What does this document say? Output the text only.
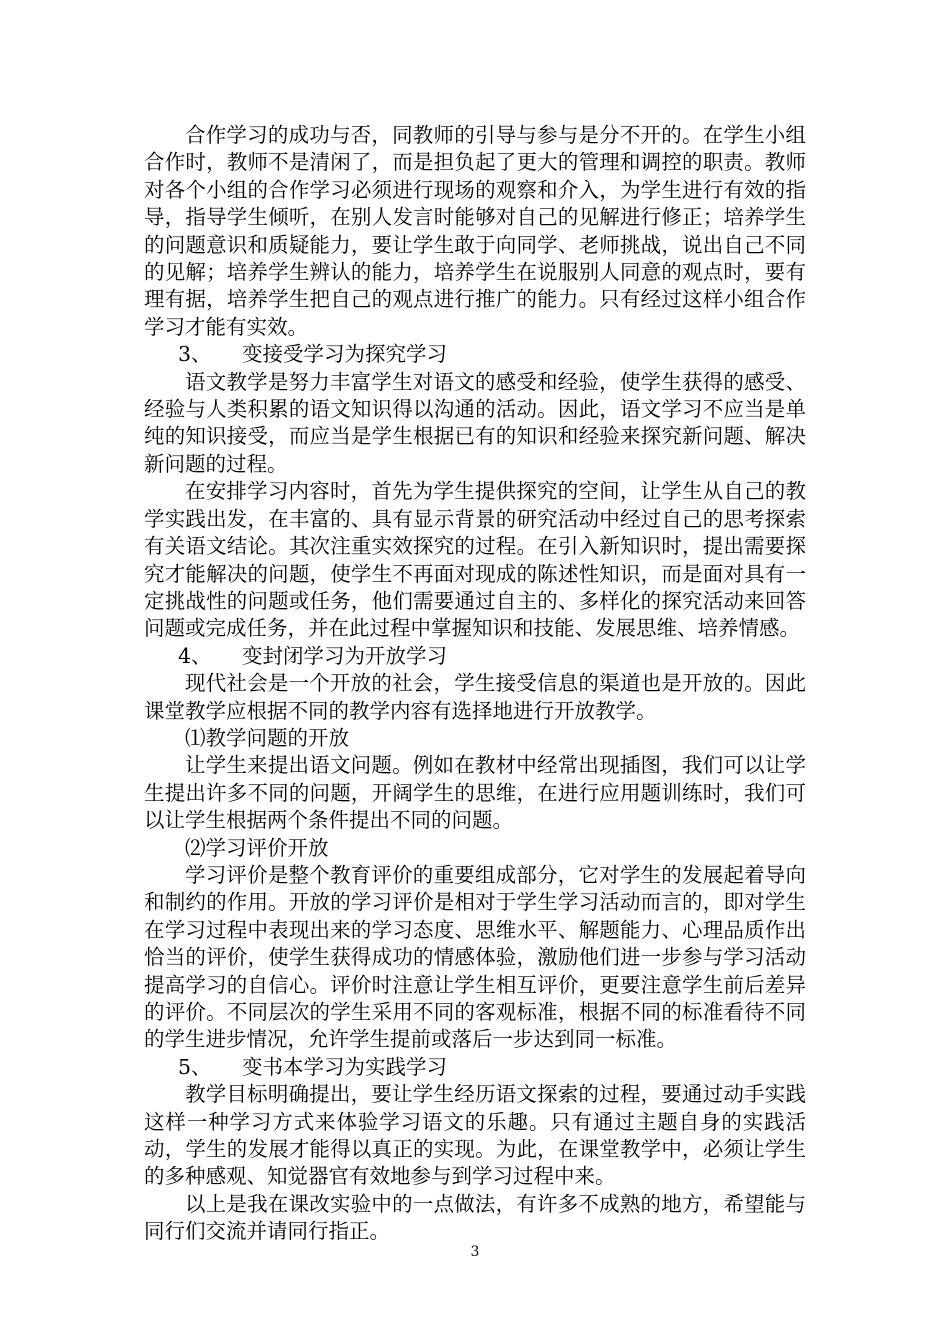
合作学习的成功与否，同教师的引导与参与是分不开的。在学生小组合作时，教师不是清闲了，而是担负起了更大的管理和调控的职责。教师对各个小组的合作学习必须进行现场的观察和介入，为学生进行有效的指导，指导学生倾听，在别人发言时能够对自己的见解进行修正；培养学生的问题意识和质疑能力，要让学生敢于向同学、老师挑战，说出自己不同的见解；培养学生辨认的能力，培养学生在说服别人同意的观点时，要有理有据，培养学生把自己的观点进行推广的能力。只有经过这样小组合作学习才能有实效。

3、 变接受学习为探究学习

语文教学是努力丰富学生对语文的感受和经验，使学生获得的感受、经验与人类积累的语文知识得以沟通的活动。因此，语文学习不应当是单纯的知识接受，而应当是学生根据已有的知识和经验来探究新问题、解决新问题的过程。

在安排学习内容时，首先为学生提供探究的空间，让学生从自己的教学实践出发，在丰富的、具有显示背景的研究活动中经过自己的思考探索有关语文结论。其次注重实效探究的过程。在引入新知识时，提出需要探究才能解决的问题，使学生不再面对现成的陈述性知识，而是面对具有一定挑战性的问题或任务，他们需要通过自主的、多样化的探究活动来回答问题或完成任务，并在此过程中掌握知识和技能、发展思维、培养情感。

4、 变封闭学习为开放学习

现代社会是一个开放的社会，学生接受信息的渠道也是开放的。因此课堂教学应根据不同的教学内容有选择地进行开放教学。

⑴教学问题的开放

让学生来提出语文问题。例如在教材中经常出现插图，我们可以让学生提出许多不同的问题，开阔学生的思维，在进行应用题训练时，我们可以让学生根据两个条件提出不同的问题。

⑵学习评价开放

学习评价是整个教育评价的重要组成部分，它对学生的发展起着导向和制约的作用。开放的学习评价是相对于学生学习活动而言的，即对学生在学习过程中表现出来的学习态度、思维水平、解题能力、心理品质作出恰当的评价，使学生获得成功的情感体验，激励他们进一步参与学习活动提高学习的自信心。评价时注意让学生相互评价，更要注意学生前后差异的评价。不同层次的学生采用不同的客观标准，根据不同的标准看待不同的学生进步情况，允许学生提前或落后一步达到同一标准。

5、 变书本学习为实践学习

教学目标明确提出，要让学生经历语文探索的过程，要通过动手实践这样一种学习方式来体验学习语文的乐趣。只有通过主题自身的实践活动，学生的发展才能得以真正的实现。为此，在课堂教学中，必须让学生的多种感观、知觉器官有效地参与到学习过程中来。

以上是我在课改实验中的一点做法，有许多不成熟的地方，希望能与同行们交流并请同行指正。

3
